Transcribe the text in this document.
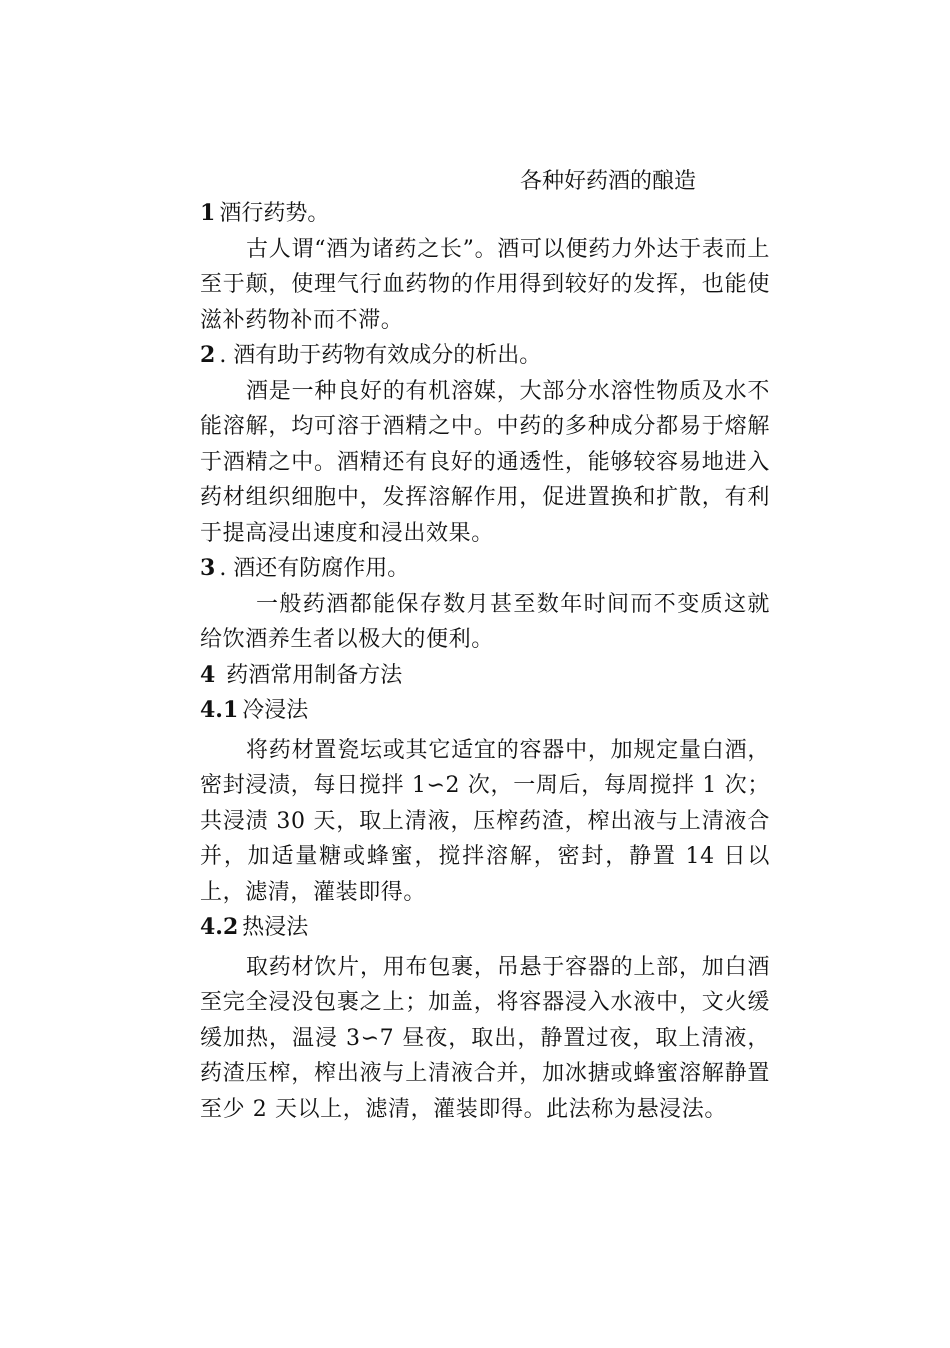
各种好药酒的酿造

1 酒行药势。

古人谓“酒为诸药之长”。酒可以便药力外达于表而上至于颠，使理气行血药物的作用得到较好的发挥，也能使滋补药物补而不滞。

2 . 酒有助于药物有效成分的析出。

酒是一种良好的有机溶媒，大部分水溶性物质及水不能溶解，均可溶于酒精之中。中药的多种成分都易于熔解于酒精之中。酒精还有良好的通透性，能够较容易地进入药材组织细胞中，发挥溶解作用，促进置换和扩散，有利于提高浸出速度和浸出效果。

3 . 酒还有防腐作用。

一般药酒都能保存数月甚至数年时间而不变质这就给饮酒养生者以极大的便利。

4 药酒常用制备方法

4.1 冷浸法

将药材置瓷坛或其它适宜的容器中，加规定量白酒，密封浸渍，每日搅拌 1∽2 次，一周后，每周搅拌 1 次；共浸渍 30 天，取上清液，压榨药渣，榨出液与上清液合并，加适量糖或蜂蜜，搅拌溶解，密封，静置 14 日以上，滤清，灌装即得。

4.2 热浸法

取药材饮片，用布包裹，吊悬于容器的上部，加白酒至完全浸没包裹之上；加盖，将容器浸入水液中，文火缓缓加热，温浸 3∽7 昼夜，取出，静置过夜，取上清液，药渣压榨，榨出液与上清液合并，加冰搪或蜂蜜溶解静置至少 2 天以上，滤清，灌装即得。此法称为悬浸法。
